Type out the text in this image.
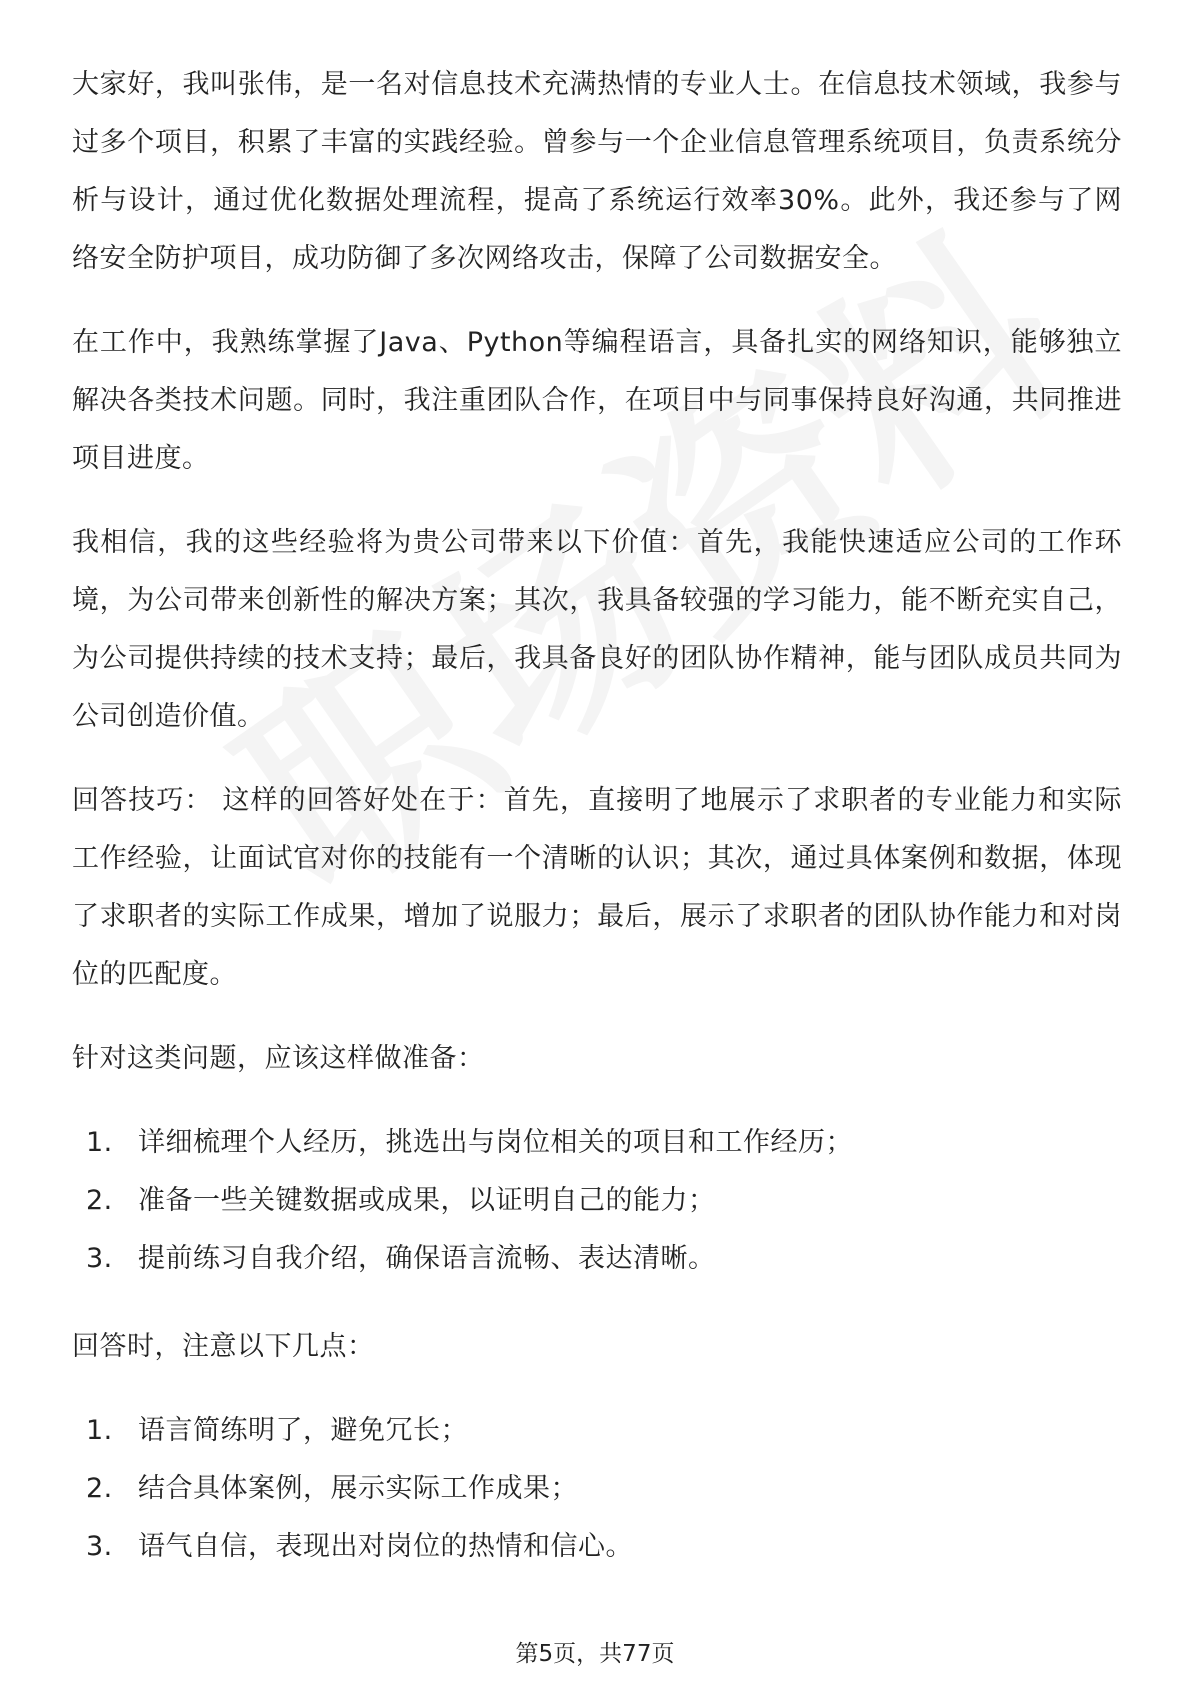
大家好，我叫张伟，是一名对信息技术充满热情的专业人士。在信息技术领域，我参与过多个项目，积累了丰富的实践经验。曾参与一个企业信息管理系统项目，负责系统分析与设计，通过优化数据处理流程，提高了系统运行效率30%。此外，我还参与了网络安全防护项目，成功防御了多次网络攻击，保障了公司数据安全。

在工作中，我熟练掌握了Java、Python等编程语言，具备扎实的网络知识，能够独立解决各类技术问题。同时，我注重团队合作，在项目中与同事保持良好沟通，共同推进项目进度。

我相信，我的这些经验将为贵公司带来以下价值：首先，我能快速适应公司的工作环境，为公司带来创新性的解决方案；其次，我具备较强的学习能力，能不断充实自己，为公司提供持续的技术支持；最后，我具备良好的团队协作精神，能与团队成员共同为公司创造价值。

回答技巧： 这样的回答好处在于：首先，直接明了地展示了求职者的专业能力和实际工作经验，让面试官对你的技能有一个清晰的认识；其次，通过具体案例和数据，体现了求职者的实际工作成果，增加了说服力；最后，展示了求职者的团队协作能力和对岗位的匹配度。

针对这类问题，应该这样做准备：

1. 详细梳理个人经历，挑选出与岗位相关的项目和工作经历；
2. 准备一些关键数据或成果，以证明自己的能力；
3. 提前练习自我介绍，确保语言流畅、表达清晰。

回答时，注意以下几点：

1. 语言简练明了，避免冗长；
2. 结合具体案例，展示实际工作成果；
3. 语气自信，表现出对岗位的热情和信心。
第5页，共77页
